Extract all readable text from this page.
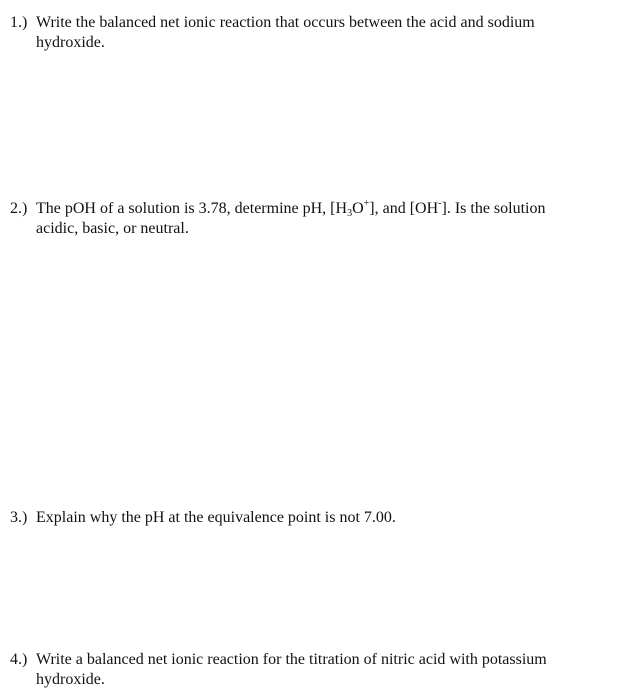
1.) Write the balanced net ionic reaction that occurs between the acid and sodium
hydroxide.
2.) The pOH of a solution is 3.78, determine pH, $[H_3O^+]$, and [OH-]. Is the solution
acidic, basic, or neutral.
3.) Explain why the pH at the equivalence point is not 7.00.
4.) Write a balanced net ionic reaction for the titration of nitric acid with potassium
hydroxide.
